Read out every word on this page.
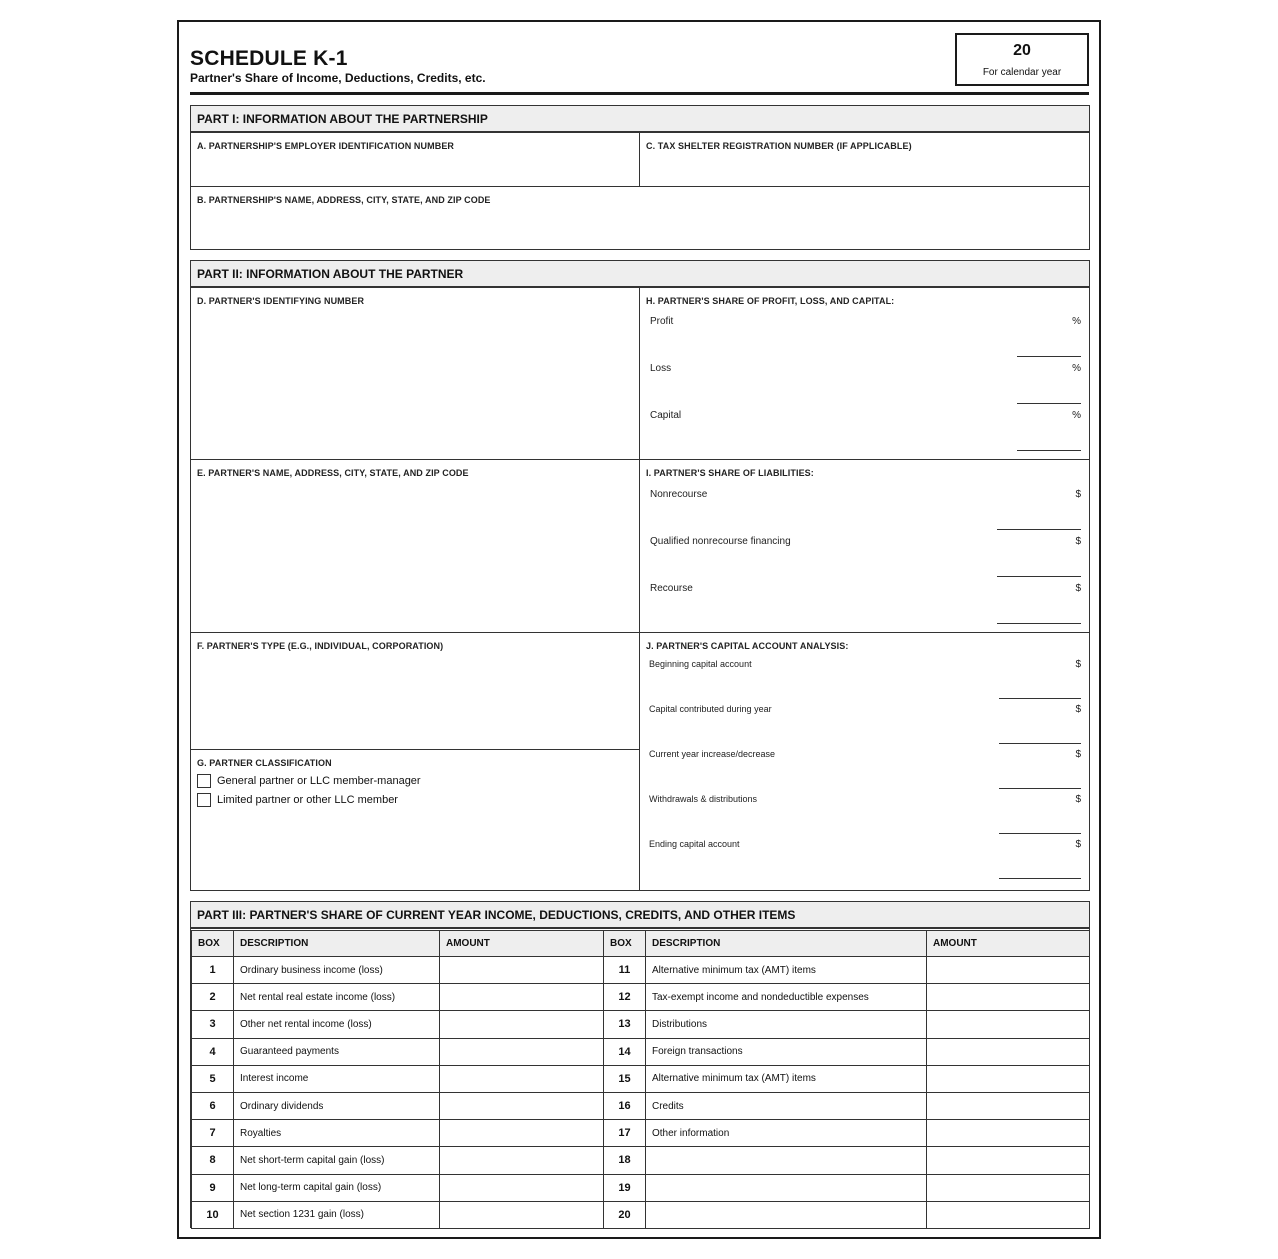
SCHEDULE K-1
Partner's Share of Income, Deductions, Credits, etc.
20
For calendar year
PART I: INFORMATION ABOUT THE PARTNERSHIP
A. PARTNERSHIP'S EMPLOYER IDENTIFICATION NUMBER	C. TAX SHELTER REGISTRATION NUMBER (IF APPLICABLE)
B. PARTNERSHIP'S NAME, ADDRESS, CITY, STATE, AND ZIP CODE
PART II: INFORMATION ABOUT THE PARTNER
D. PARTNER'S IDENTIFYING NUMBER
E. PARTNER'S NAME, ADDRESS, CITY, STATE, AND ZIP CODE
F. PARTNER'S TYPE (E.G., INDIVIDUAL, CORPORATION)
G. PARTNER CLASSIFICATION
General partner or LLC member-manager
Limited partner or other LLC member
H. PARTNER'S SHARE OF PROFIT, LOSS, AND CAPITAL:
Profit	%
Loss	%
Capital	%
I. PARTNER'S SHARE OF LIABILITIES:
Nonrecourse	$
Qualified nonrecourse financing	$
Recourse	$
J. PARTNER'S CAPITAL ACCOUNT ANALYSIS:
Beginning capital account	$
Capital contributed during year	$
Current year increase/decrease	$
Withdrawals & distributions	$
Ending capital account	$
PART III: PARTNER'S SHARE OF CURRENT YEAR INCOME, DEDUCTIONS, CREDITS, AND OTHER ITEMS
BOX	DESCRIPTION	AMOUNT	BOX	DESCRIPTION	AMOUNT
1	Ordinary business income (loss)		11	Alternative minimum tax (AMT) items	
2	Net rental real estate income (loss)		12	Tax-exempt income and nondeductible expenses	
3	Other net rental income (loss)		13	Distributions	
4	Guaranteed payments		14	Foreign transactions	
5	Interest income		15	Alternative minimum tax (AMT) items	
6	Ordinary dividends		16	Credits	
7	Royalties		17	Other information	
8	Net short-term capital gain (loss)		18		
9	Net long-term capital gain (loss)		19		
10	Net section 1231 gain (loss)		20		
